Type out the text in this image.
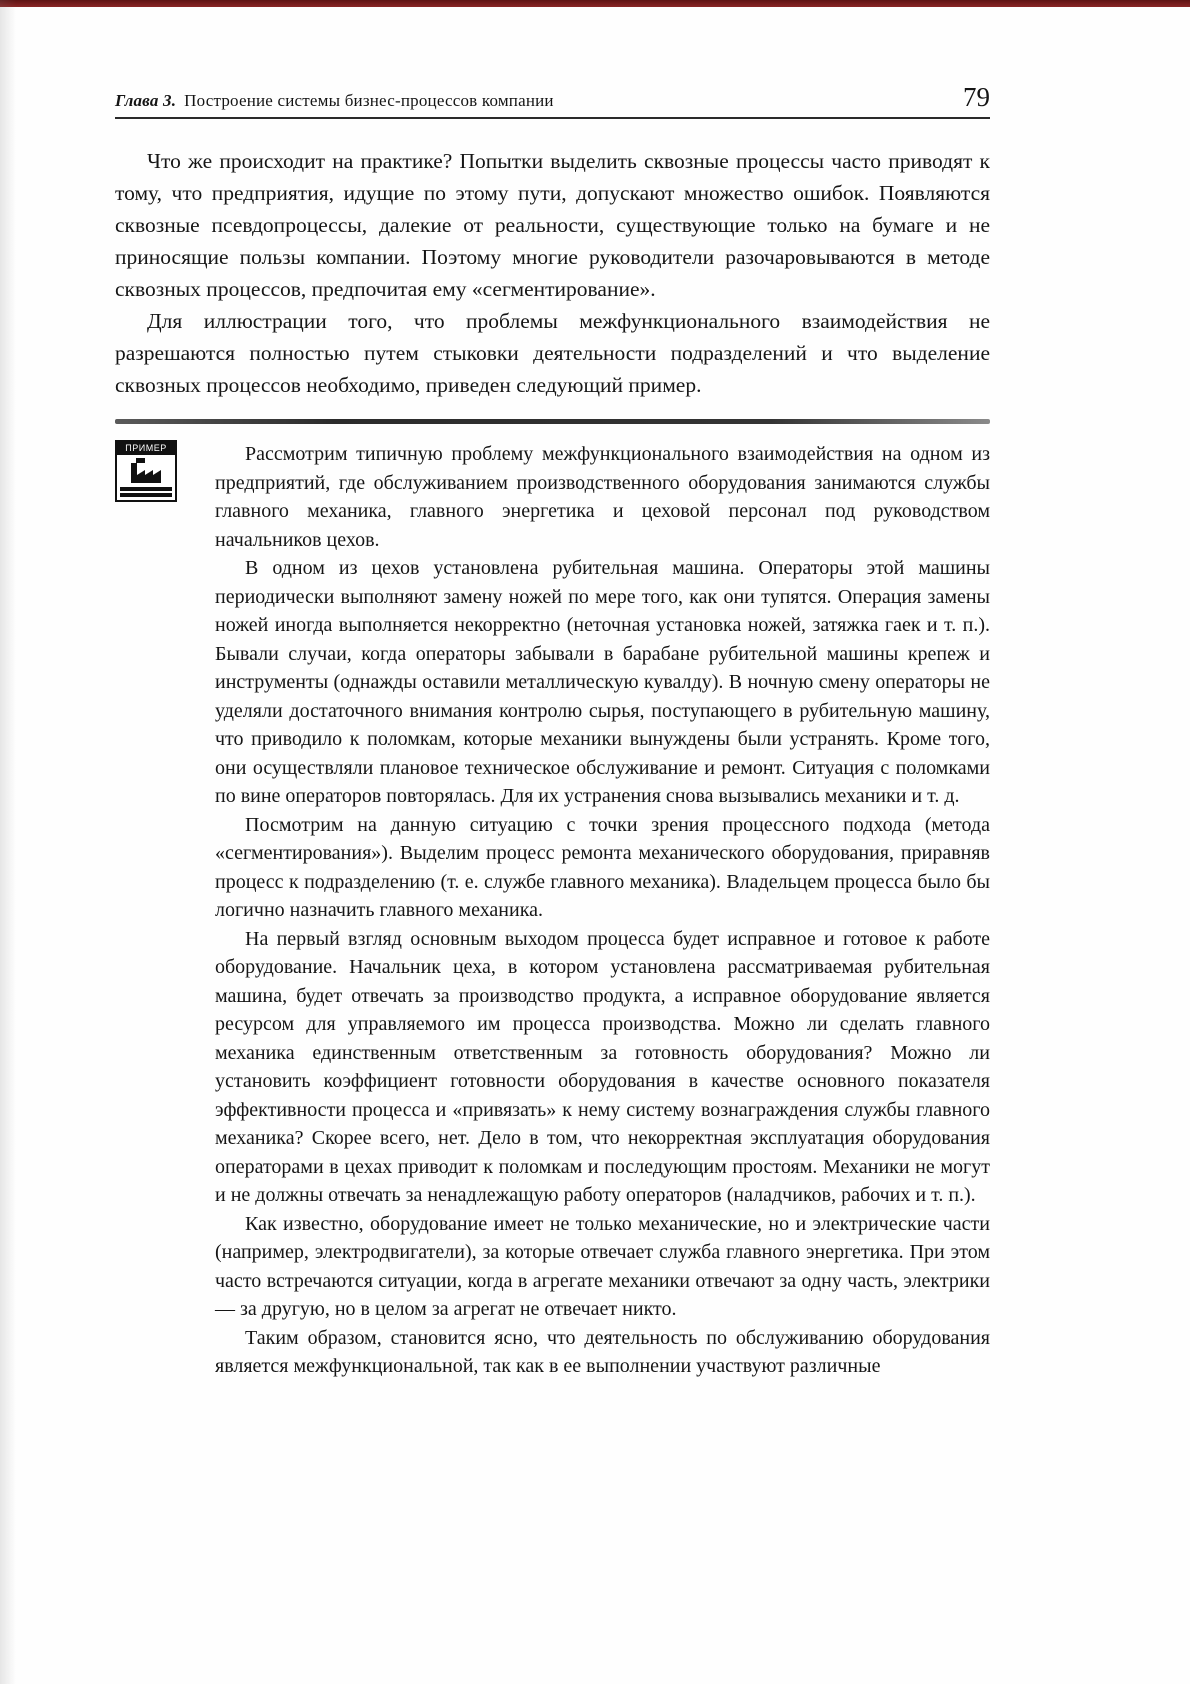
Глава 3. Построение системы бизнес-процессов компании	79

Что же происходит на практике? Попытки выделить сквозные процессы часто приводят к тому, что предприятия, идущие по этому пути, допускают множество ошибок. Появляются сквозные псевдопроцессы, далекие от реальности, существующие только на бумаге и не приносящие пользы компании. Поэтому многие руководители разочаровываются в методе сквозных процессов, предпочитая ему «сегментирование».

Для иллюстрации того, что проблемы межфункционального взаимодействия не разрешаются полностью путем стыковки деятельности подразделений и что выделение сквозных процессов необходимо, приведен следующий пример.

ПРИМЕР	Рассмотрим типичную проблему межфункционального взаимодействия на одном из предприятий, где обслуживанием производственного оборудования занимаются службы главного механика, главного энергетика и цеховой персонал под руководством начальников цехов.

В одном из цехов установлена рубительная машина. Операторы этой машины периодически выполняют замену ножей по мере того, как они тупятся. Операция замены ножей иногда выполняется некорректно (неточная установка ножей, затяжка гаек и т. п.). Бывали случаи, когда операторы забывали в барабане рубительной машины крепеж и инструменты (однажды оставили металлическую кувалду). В ночную смену операторы не уделяли достаточного внимания контролю сырья, поступающего в рубительную машину, что приводило к поломкам, которые механики вынуждены были устранять. Кроме того, они осуществляли плановое техническое обслуживание и ремонт. Ситуация с поломками по вине операторов повторялась. Для их устранения снова вызывались механики и т. д.

Посмотрим на данную ситуацию с точки зрения процессного подхода (метода «сегментирования»). Выделим процесс ремонта механического оборудования, приравняв процесс к подразделению (т. е. службе главного механика). Владельцем процесса было бы логично назначить главного механика.

На первый взгляд основным выходом процесса будет исправное и готовое к работе оборудование. Начальник цеха, в котором установлена рассматриваемая рубительная машина, будет отвечать за производство продукта, а исправное оборудование является ресурсом для управляемого им процесса производства. Можно ли сделать главного механика единственным ответственным за готовность оборудования? Можно ли установить коэффициент готовности оборудования в качестве основного показателя эффективности процесса и «привязать» к нему систему вознаграждения службы главного механика? Скорее всего, нет. Дело в том, что некорректная эксплуатация оборудования операторами в цехах приводит к поломкам и последующим простоям. Механики не могут и не должны отвечать за ненадлежащую работу операторов (наладчиков, рабочих и т. п.).

Как известно, оборудование имеет не только механические, но и электрические части (например, электродвигатели), за которые отвечает служба главного энергетика. При этом часто встречаются ситуации, когда в агрегате механики отвечают за одну часть, электрики — за другую, но в целом за агрегат не отвечает никто.

Таким образом, становится ясно, что деятельность по обслуживанию оборудования является межфункциональной, так как в ее выполнении участвуют различные
